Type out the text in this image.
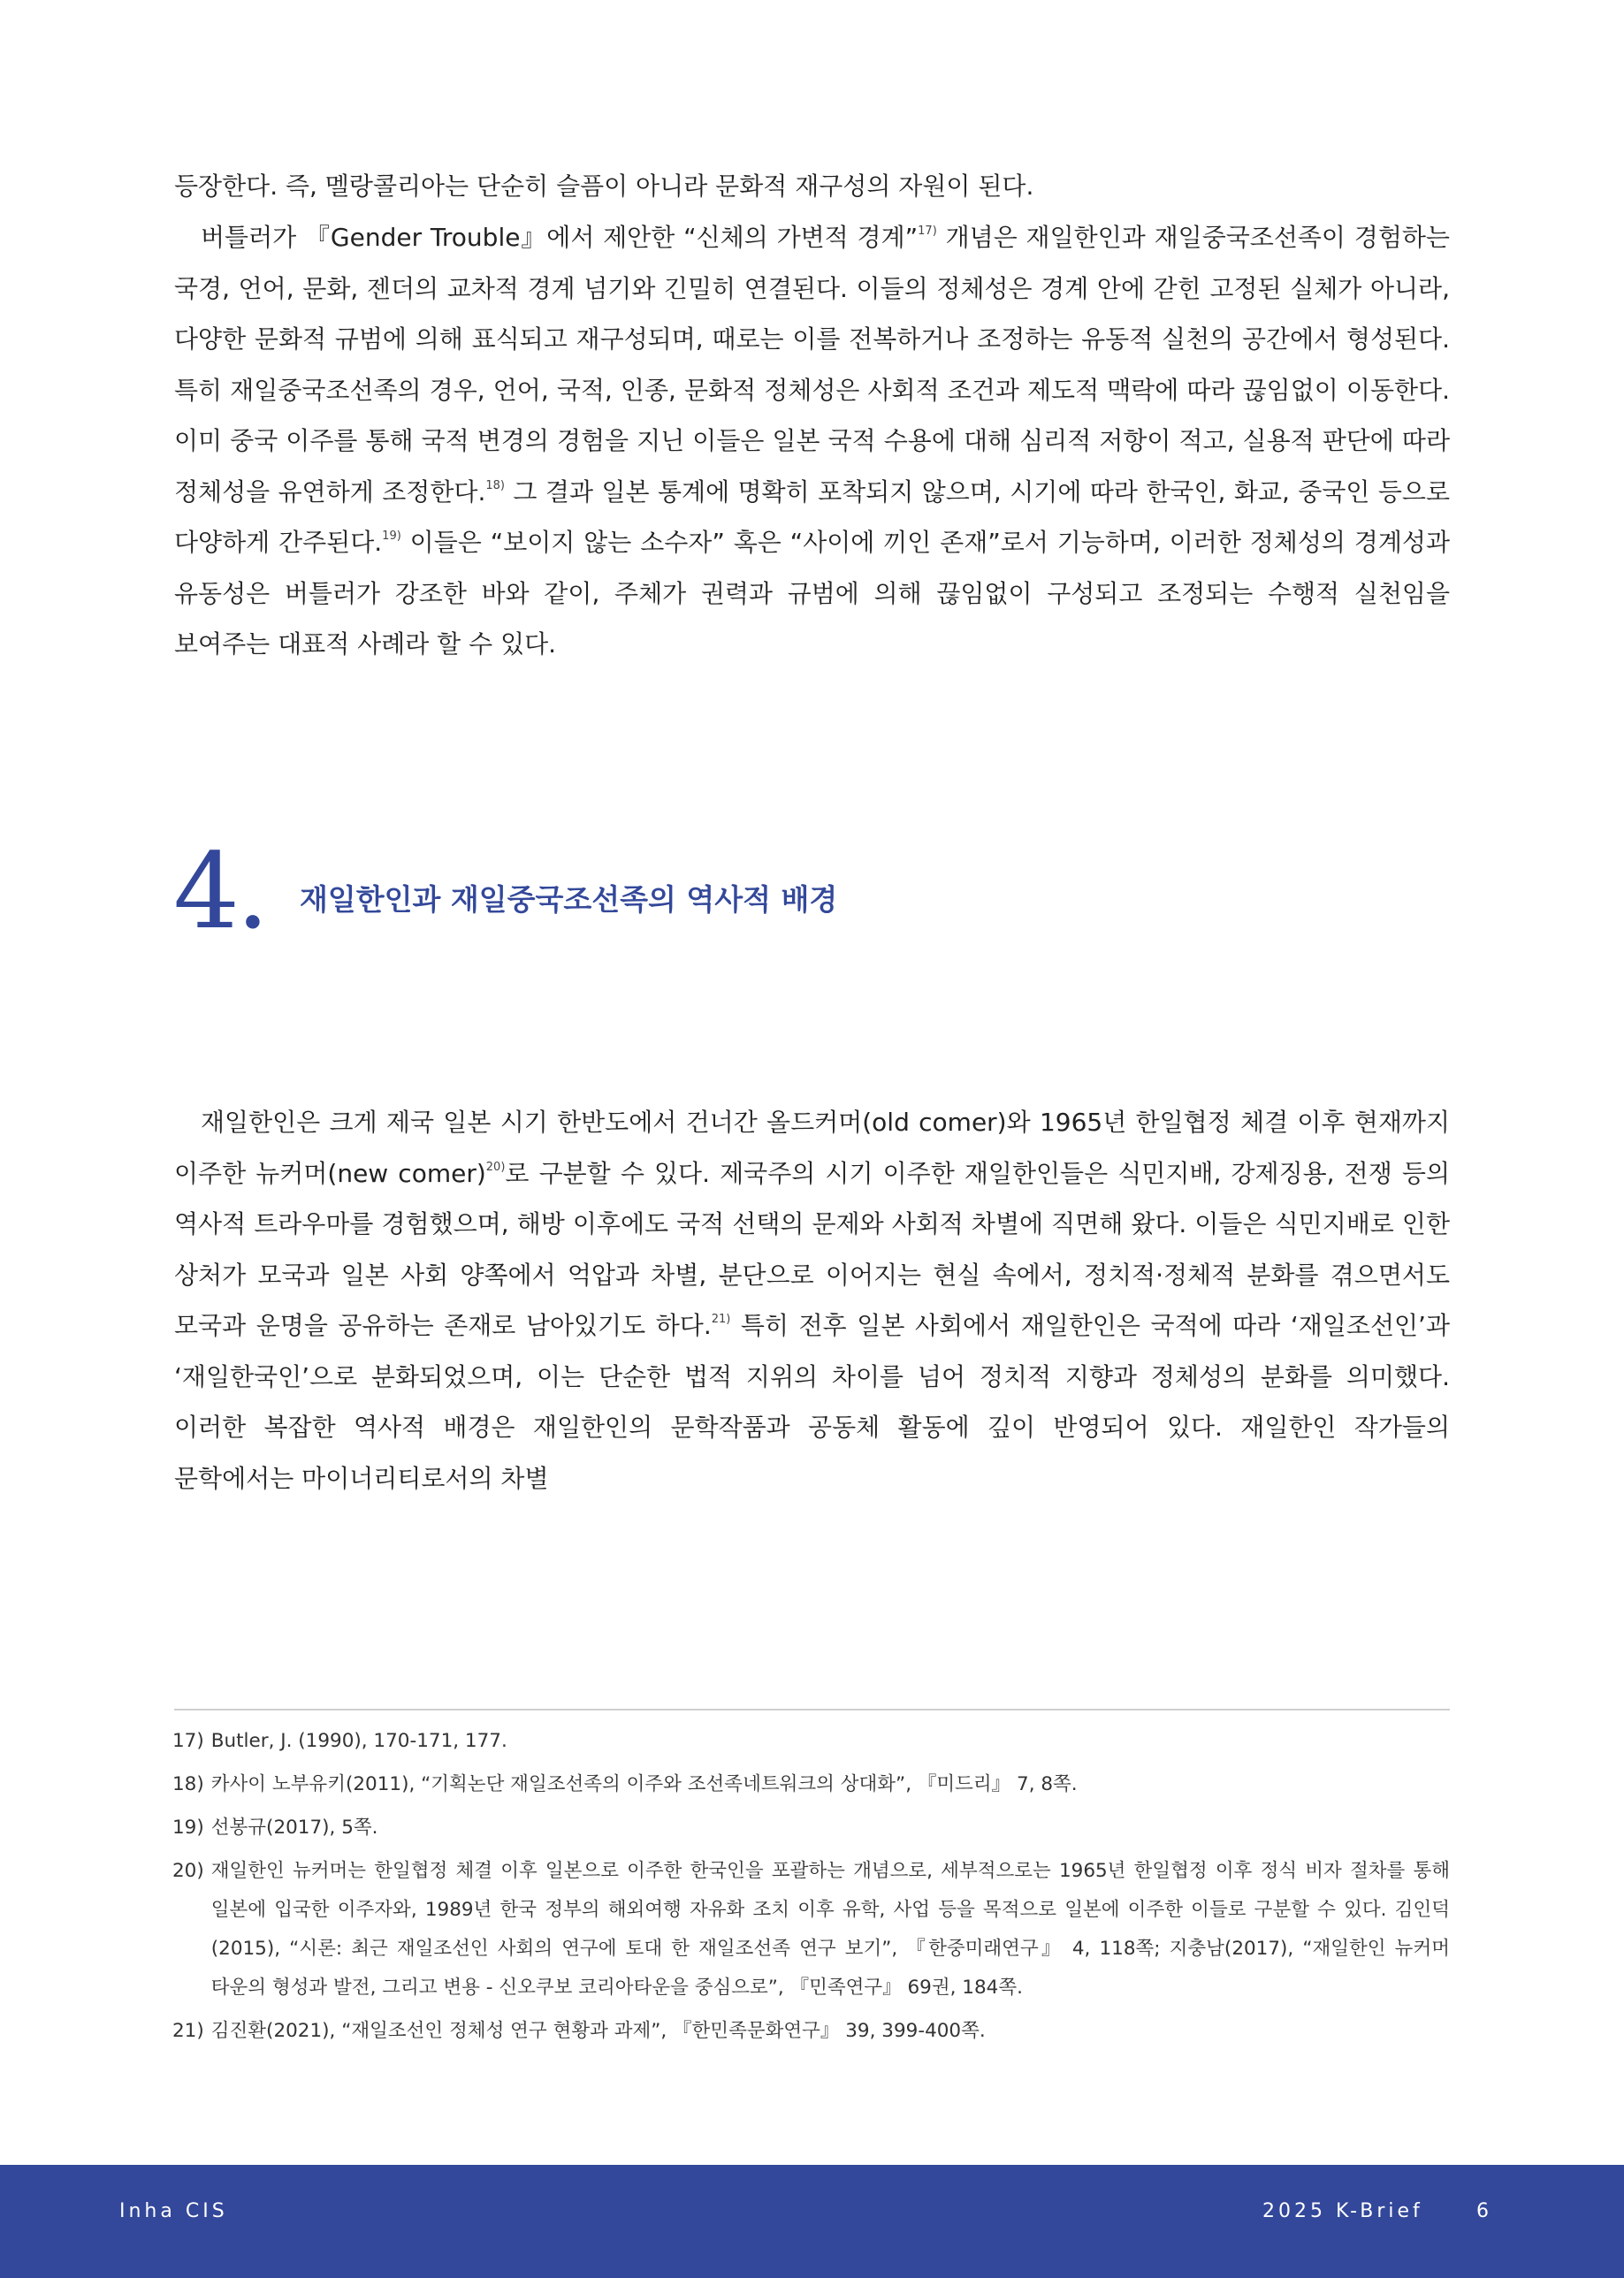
등장한다. 즉, 멜랑콜리아는 단순히 슬픔이 아니라 문화적 재구성의 자원이 된다.

버틀러가 『Gender Trouble』에서 제안한 “신체의 가변적 경계”$^{17)}$ 개념은 재일한인과 재일중국조선족이 경험하는 국경, 언어, 문화, 젠더의 교차적 경계 넘기와 긴밀히 연결된다. 이들의 정체성은 경계 안에 갇힌 고정된 실체가 아니라, 다양한 문화적 규범에 의해 표식되고 재구성되며, 때로는 이를 전복하거나 조정하는 유동적 실천의 공간에서 형성된다. 특히 재일중국조선족의 경우, 언어, 국적, 인종, 문화적 정체성은 사회적 조건과 제도적 맥락에 따라 끊임없이 이동한다. 이미 중국 이주를 통해 국적 변경의 경험을 지닌 이들은 일본 국적 수용에 대해 심리적 저항이 적고, 실용적 판단에 따라 정체성을 유연하게 조정한다.$^{18)}$ 그 결과 일본 통계에 명확히 포착되지 않으며, 시기에 따라 한국인, 화교, 중국인 등으로 다양하게 간주된다.$^{19)}$ 이들은 “보이지 않는 소수자” 혹은 “사이에 끼인 존재”로서 기능하며, 이러한 정체성의 경계성과 유동성은 버틀러가 강조한 바와 같이, 주체가 권력과 규범에 의해 끊임없이 구성되고 조정되는 수행적 실천임을 보여주는 대표적 사례라 할 수 있다.

4. 재일한인과 재일중국조선족의 역사적 배경

재일한인은 크게 제국 일본 시기 한반도에서 건너간 올드커머(old comer)와 1965년 한일협정 체결 이후 현재까지 이주한 뉴커머(new comer)$^{20)}$로 구분할 수 있다. 제국주의 시기 이주한 재일한인들은 식민지배, 강제징용, 전쟁 등의 역사적 트라우마를 경험했으며, 해방 이후에도 국적 선택의 문제와 사회적 차별에 직면해 왔다. 이들은 식민지배로 인한 상처가 모국과 일본 사회 양쪽에서 억압과 차별, 분단으로 이어지는 현실 속에서, 정치적·정체적 분화를 겪으면서도 모국과 운명을 공유하는 존재로 남아있기도 하다.$^{21)}$ 특히 전후 일본 사회에서 재일한인은 국적에 따라 ‘재일조선인’과 ‘재일한국인’으로 분화되었으며, 이는 단순한 법적 지위의 차이를 넘어 정치적 지향과 정체성의 분화를 의미했다. 이러한 복잡한 역사적 배경은 재일한인의 문학작품과 공동체 활동에 깊이 반영되어 있다. 재일한인 작가들의 문학에서는 마이너리티로서의 차별

17) Butler, J. (1990), 170-171, 177.
18) 카사이 노부유키(2011), “기획논단 재일조선족의 이주와 조선족네트워크의 상대화”, 『미드리』 7, 8쪽.
19) 선봉규(2017), 5쪽.
20) 재일한인 뉴커머는 한일협정 체결 이후 일본으로 이주한 한국인을 포괄하는 개념으로, 세부적으로는 1965년 한일협정 이후 정식 비자 절차를 통해 일본에 입국한 이주자와, 1989년 한국 정부의 해외여행 자유화 조치 이후 유학, 사업 등을 목적으로 일본에 이주한 이들로 구분할 수 있다. 김인덕(2015), “시론: 최근 재일조선인 사회의 연구에 토대 한 재일조선족 연구 보기”, 『한중미래연구』 4, 118쪽; 지충남(2017), “재일한인 뉴커머 타운의 형성과 발전, 그리고 변용 - 신오쿠보 코리아타운을 중심으로”, 『민족연구』 69권, 184쪽.
21) 김진환(2021), “재일조선인 정체성 연구 현황과 과제”, 『한민족문화연구』 39, 399-400쪽.
Inha CIS	2025 K-Brief	6
